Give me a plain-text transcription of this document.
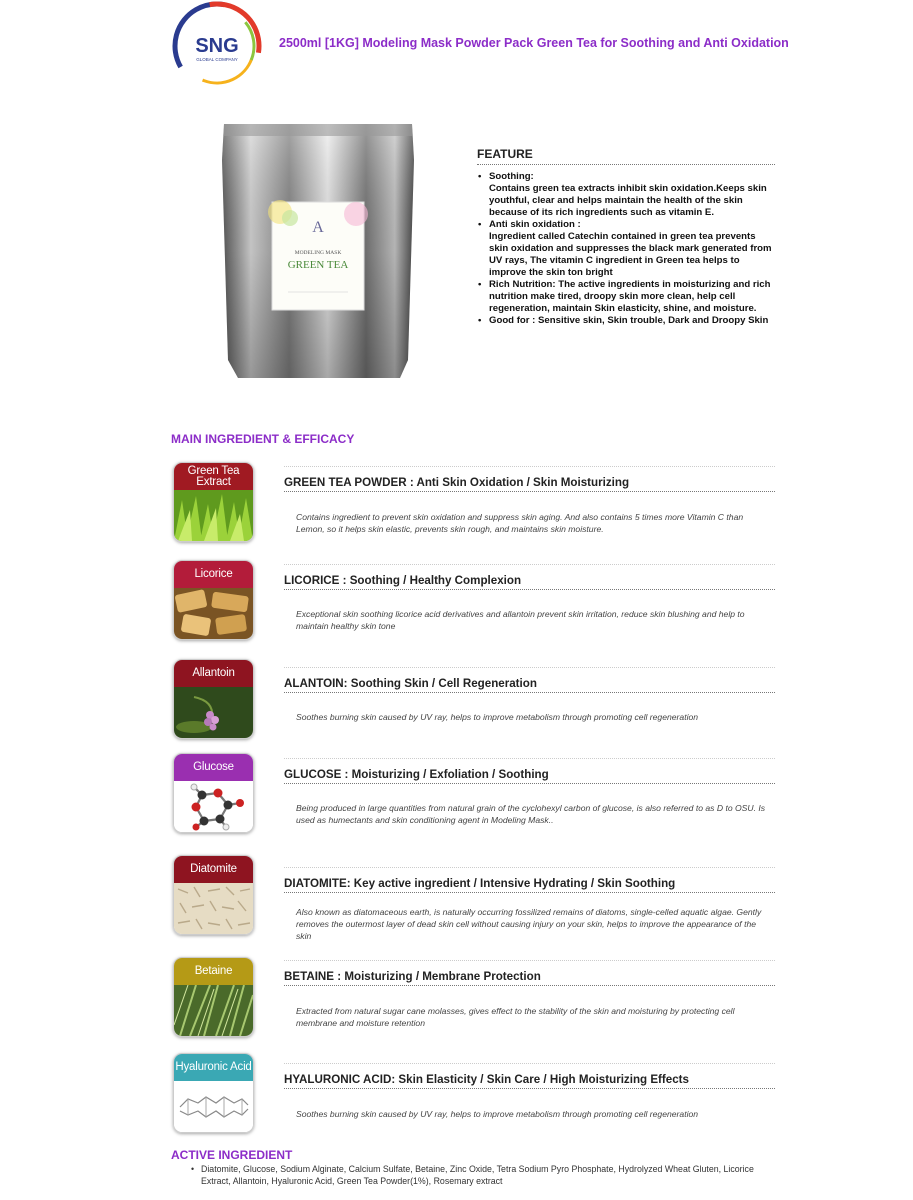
SNG
GLOBAL COMPANY
2500ml [1KG] Modeling Mask Powder Pack Green Tea for Soothing and Anti Oxidation
A
MODELING MASK
GREEN TEA
FEATURE
• Soothing:
Contains green tea extracts inhibit skin oxidation.Keeps skin youthful, clear and helps maintain the health of the skin because of its rich ingredients such as vitamin E.
• Anti skin oxidation :
Ingredient called Catechin contained in green tea prevents skin oxidation and suppresses the black mark generated from UV rays, The vitamin C ingredient in Green tea helps to improve the skin ton bright
• Rich Nutrition: The active ingredients in moisturizing and rich nutrition make tired, droopy skin more clean, help cell regeneration, maintain Skin elasticity, shine, and moisture.
• Good for : Sensitive skin, Skin trouble, Dark and Droopy Skin
MAIN INGREDIENT & EFFICACY
Green Tea Extract	GREEN TEA POWDER : Anti Skin Oxidation / Skin Moisturizing
Contains ingredient to prevent skin oxidation and suppress skin aging. And also contains 5 times more Vitamin C than Lemon, so it helps skin elastic, prevents skin rough, and maintains skin moisture.
Licorice	LICORICE : Soothing / Healthy Complexion
Exceptional skin soothing licorice acid derivatives and allantoin prevent skin irritation, reduce skin blushing and help to maintain healthy skin tone
Allantoin
ALANTOIN: Soothing Skin / Cell Regeneration
Soothes burning skin caused by UV ray, helps to improve metabolism through promoting cell regeneration
Glucose
GLUCOSE : Moisturizing / Exfoliation / Soothing
Being produced in large quantities from natural grain of the cyclohexyl carbon of glucose, is also referred to as D to OSU. Is used as humectants and skin conditioning agent in Modeling Mask..
Diatomite
DIATOMITE: Key active ingredient / Intensive Hydrating / Skin Soothing
Also known as diatomaceous earth, is naturally occurring fossilized remains of diatoms, single-celled aquatic algae. Gently removes the outermost layer of dead skin cell without causing injury on your skin, helps to improve the appearance of the skin
Betaine	BETAINE : Moisturizing / Membrane Protection
Extracted from natural sugar cane molasses, gives effect to the stability of the skin and moisturing by protecting cell membrane and moisture retention
Hyaluronic Acid
HYALURONIC ACID: Skin Elasticity / Skin Care / High Moisturizing Effects
Soothes burning skin caused by UV ray, helps to improve metabolism through promoting cell regeneration
ACTIVE INGREDIENT
• Diatomite, Glucose, Sodium Alginate, Calcium Sulfate, Betaine, Zinc Oxide, Tetra Sodium Pyro Phosphate, Hydrolyzed Wheat Gluten, Licorice Extract, Allantoin, Hyaluronic Acid, Green Tea Powder(1%), Rosemary extract
